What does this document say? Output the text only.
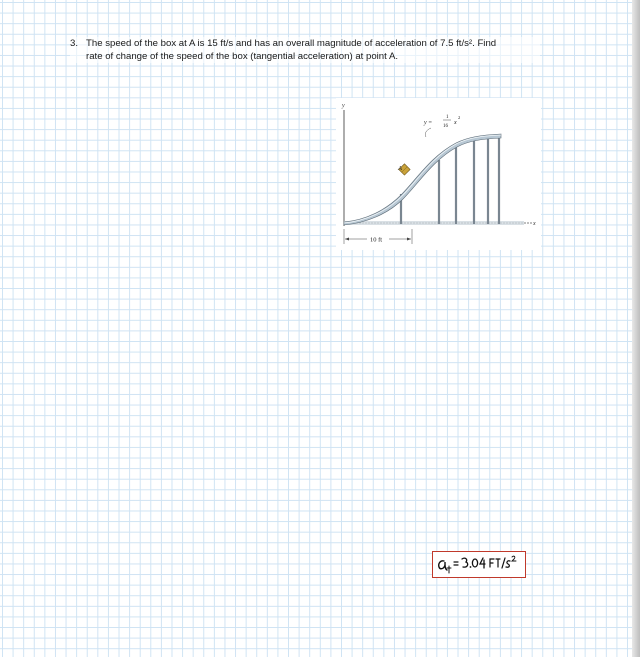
3. The speed of the box at A is 15 ft/s and has an overall magnitude of acceleration of 7.5 ft/s². Find
rate of change of the speed of the box (tangential acceleration) at point A.
y
x
A
y =
1
16
x
2
10 ft
